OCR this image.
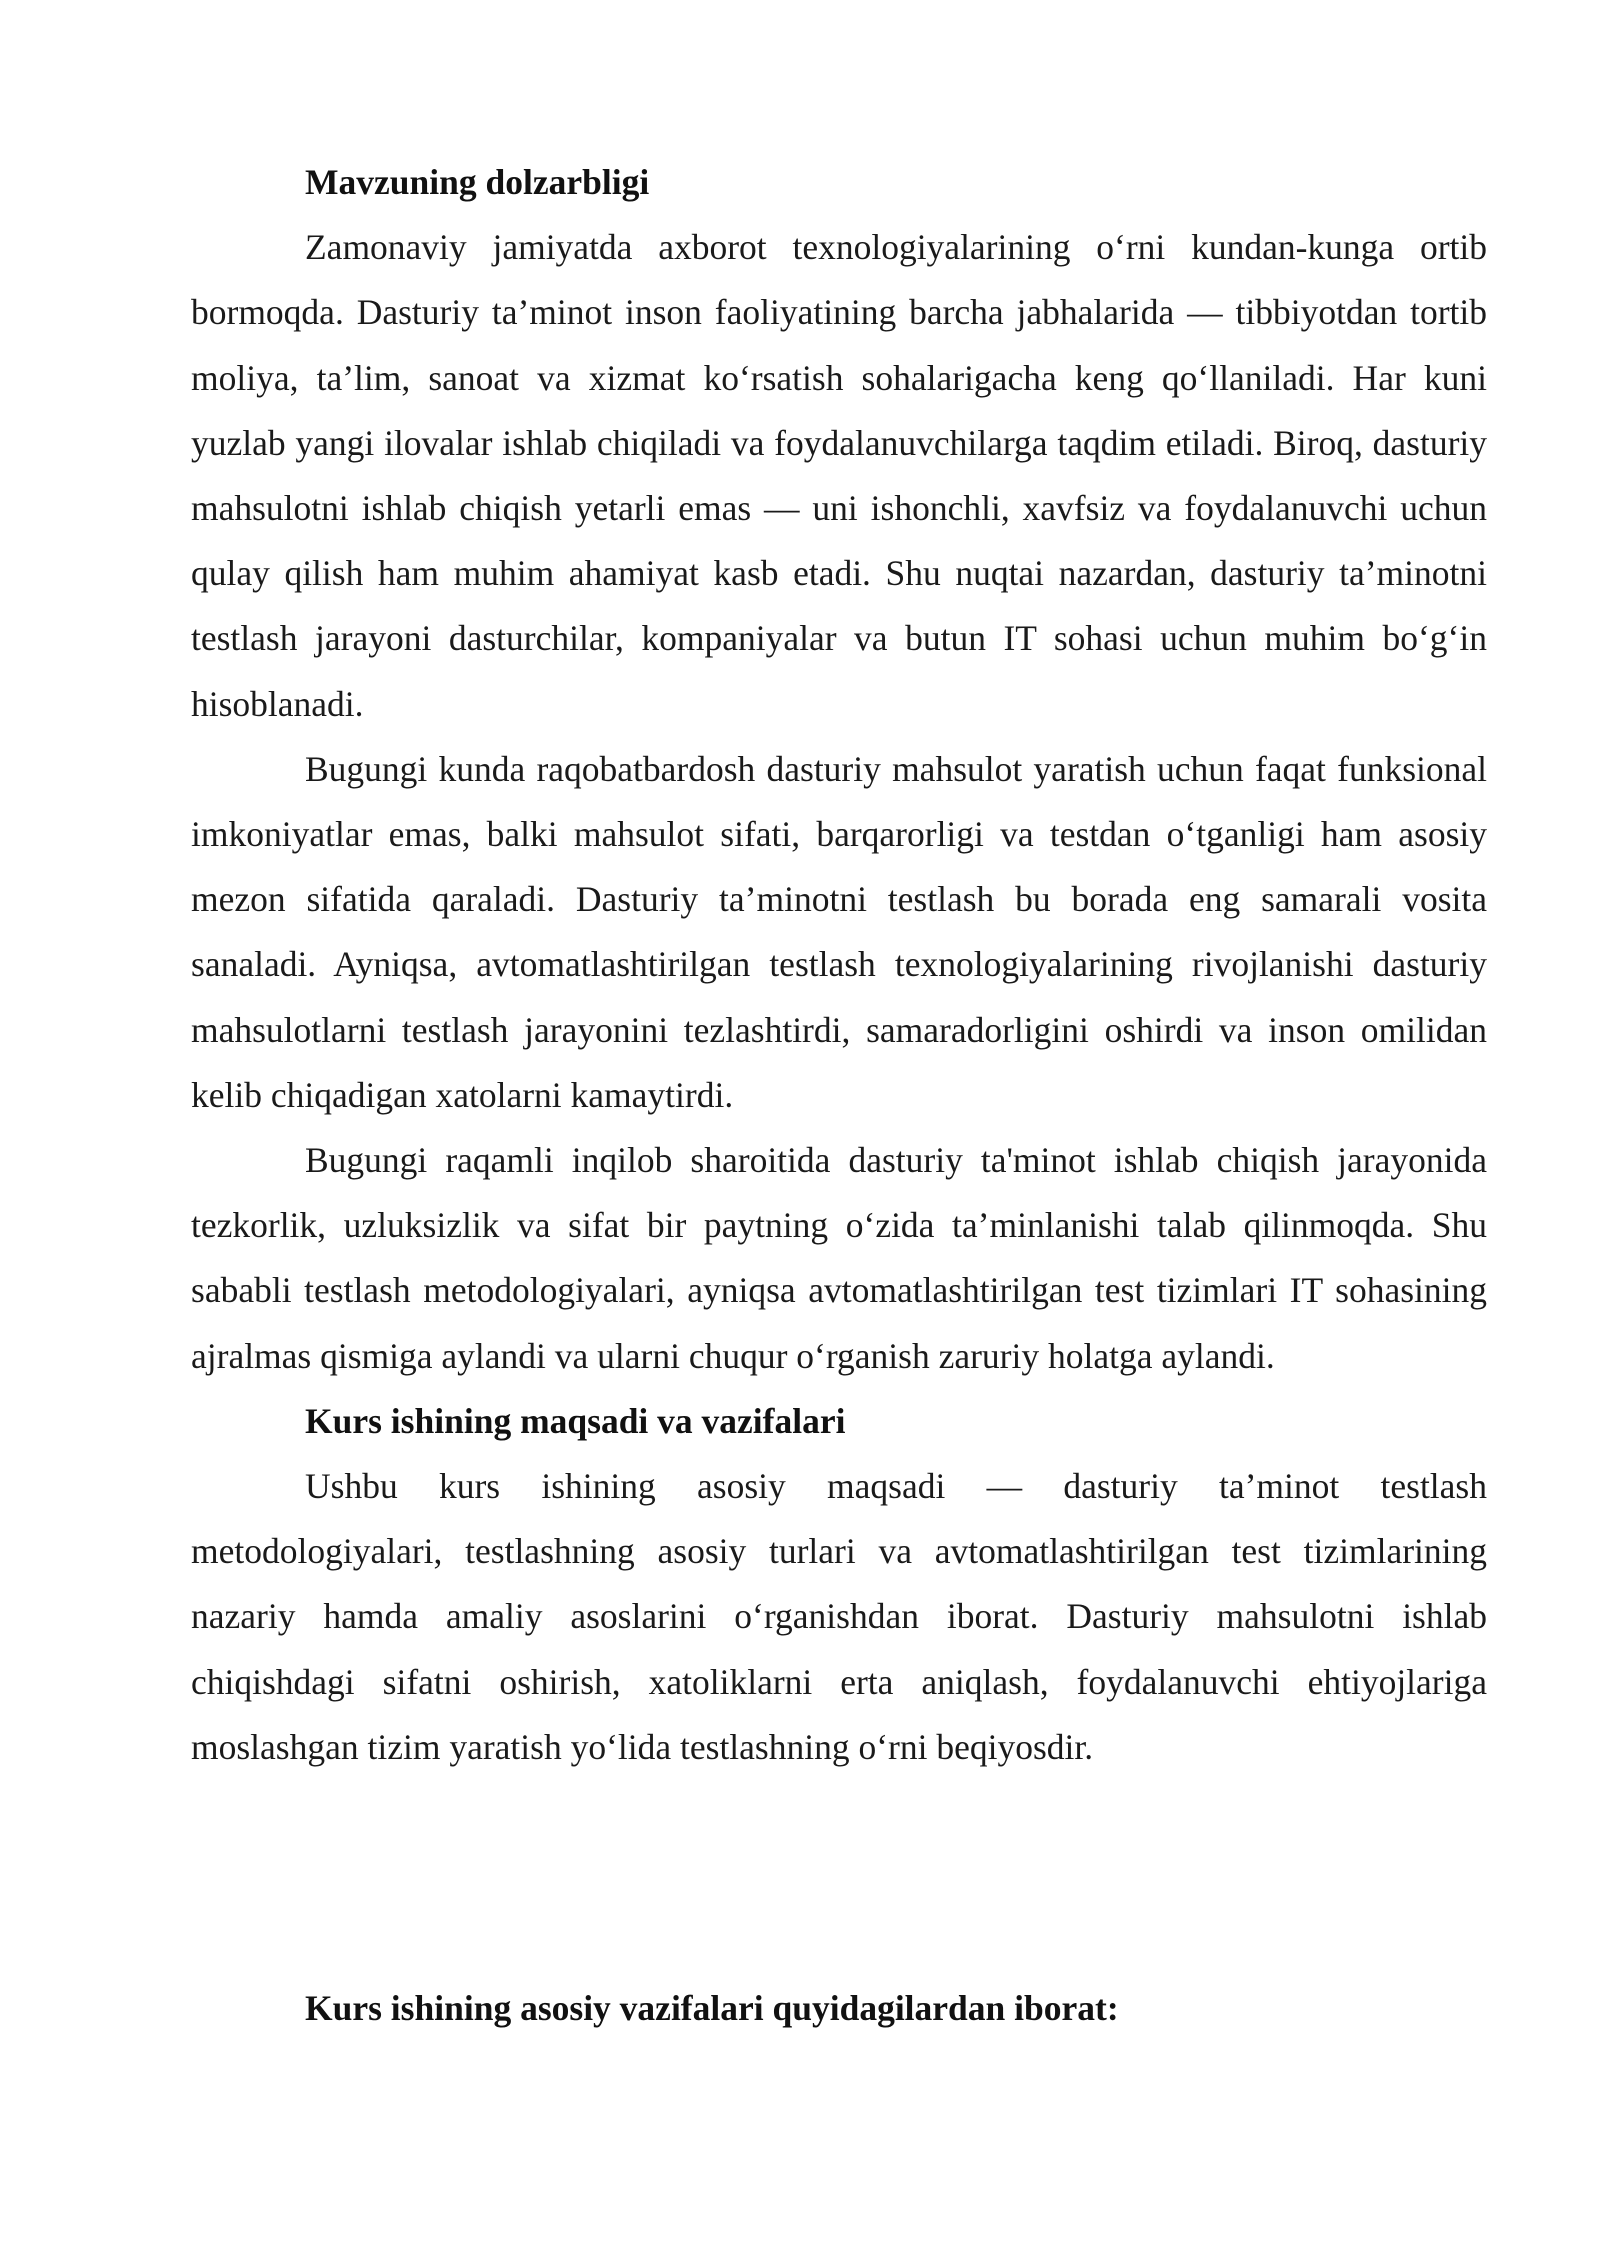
Mavzuning dolzarbligi

Zamonaviy jamiyatda axborot texnologiyalarining o‘rni kundan-kunga ortib bormoqda. Dasturiy ta’minot inson faoliyatining barcha jabhalarida — tibbiyotdan tortib moliya, ta’lim, sanoat va xizmat ko‘rsatish sohalarigacha keng qo‘llaniladi. Har kuni yuzlab yangi ilovalar ishlab chiqiladi va foydalanuvchilarga taqdim etiladi. Biroq, dasturiy mahsulotni ishlab chiqish yetarli emas — uni ishonchli, xavfsiz va foydalanuvchi uchun qulay qilish ham muhim ahamiyat kasb etadi. Shu nuqtai nazardan, dasturiy ta’minotni testlash jarayoni dasturchilar, kompaniyalar va butun IT sohasi uchun muhim bo‘g‘in hisoblanadi.

Bugungi kunda raqobatbardosh dasturiy mahsulot yaratish uchun faqat funksional imkoniyatlar emas, balki mahsulot sifati, barqarorligi va testdan o‘tganligi ham asosiy mezon sifatida qaraladi. Dasturiy ta’minotni testlash bu borada eng samarali vosita sanaladi. Ayniqsa, avtomatlashtirilgan testlash texnologiyalarining rivojlanishi dasturiy mahsulotlarni testlash jarayonini tezlashtirdi, samaradorligini oshirdi va inson omilidan kelib chiqadigan xatolarni kamaytirdi.

Bugungi raqamli inqilob sharoitida dasturiy ta'minot ishlab chiqish jarayonida tezkorlik, uzluksizlik va sifat bir paytning o‘zida ta’minlanishi talab qilinmoqda. Shu sababli testlash metodologiyalari, ayniqsa avtomatlashtirilgan test tizimlari IT sohasining ajralmas qismiga aylandi va ularni chuqur o‘rganish zaruriy holatga aylandi.

Kurs ishining maqsadi va vazifalari

Ushbu kurs ishining asosiy maqsadi — dasturiy ta’minot testlash metodologiyalari, testlashning asosiy turlari va avtomatlashtirilgan test tizimlarining nazariy hamda amaliy asoslarini o‘rganishdan iborat. Dasturiy mahsulotni ishlab chiqishdagi sifatni oshirish, xatoliklarni erta aniqlash, foydalanuvchi ehtiyojlariga moslashgan tizim yaratish yo‘lida testlashning o‘rni beqiyosdir.

Kurs ishining asosiy vazifalari quyidagilardan iborat:
